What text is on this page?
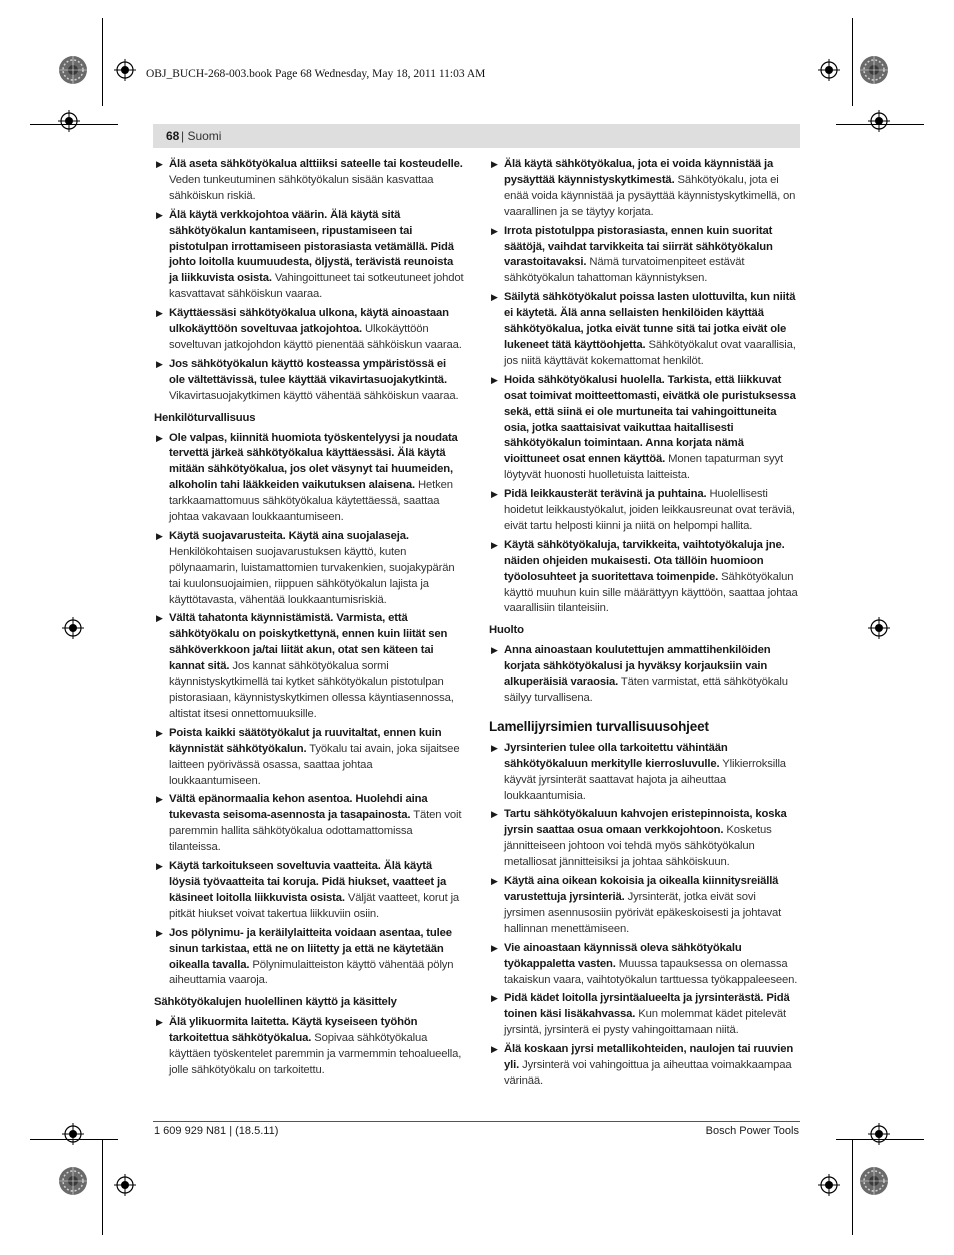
OBJ_BUCH-268-003.book Page 68 Wednesday, May 18, 2011 11:03 AM
68 | Suomi
▶ Älä aseta sähkötyökalua alttiiksi sateelle tai kosteudelle. Veden tunkeutuminen sähkötyökalun sisään kasvattaa sähköiskun riskiä.
▶ Älä käytä verkkojohtoa väärin. Älä käytä sitä sähkötyökalun kantamiseen, ripustamiseen tai pistotulpan irrottamiseen pistorasiasta vetämällä. Pidä johto loitolla kuumuudesta, öljystä, terävistä reunoista ja liikkuvista osista. Vahingoittuneet tai sotkeutuneet johdot kasvattavat sähköiskun vaaraa.
▶ Käyttäessäsi sähkötyökalua ulkona, käytä ainoastaan ulkokäyttöön soveltuvaa jatkojohtoa. Ulkokäyttöön soveltuvan jatkojohdon käyttö pienentää sähköiskun vaaraa.
▶ Jos sähkötyökalun käyttö kosteassa ympäristössä ei ole vältettävissä, tulee käyttää vikavirtasuojakytkintä. Vikavirtasuojakytkimen käyttö vähentää sähköiskun vaaraa.
Henkilöturvallisuus
▶ Ole valpas, kiinnitä huomiota työskentelyysi ja noudata tervettä järkeä sähkötyökalua käyttäessäsi. Älä käytä mitään sähkötyökalua, jos olet väsynyt tai huumeiden, alkoholin tahi lääkkeiden vaikutuksen alaisena. Hetken tarkkaamattomuus sähkötyökalua käytettäessä, saattaa johtaa vakavaan loukkaantumiseen.
▶ Käytä suojavarusteita. Käytä aina suojalaseja. Henkilökohtaisen suojavarustuksen käyttö, kuten pölynaamarin, luistamattomien turvakenkien, suojakypärän tai kuulonsuojaimien, riippuen sähkötyökalun lajista ja käyttötavasta, vähentää loukkaantumisriskiä.
▶ Vältä tahatonta käynnistämistä. Varmista, että sähkötyökalu on poiskytkettynä, ennen kuin liität sen sähköverkkoon ja/tai liität akun, otat sen käteen tai kannat sitä. Jos kannat sähkötyökalua sormi käynnistyskytkimellä tai kytket sähkötyökalun pistotulpan pistorasiaan, käynnistyskytkimen ollessa käyntiasennossa, altistat itsesi onnettomuuksille.
▶ Poista kaikki säätötyökalut ja ruuvitaltat, ennen kuin käynnistät sähkötyökalun. Työkalu tai avain, joka sijaitsee laitteen pyörivässä osassa, saattaa johtaa loukkaantumiseen.
▶ Vältä epänormaalia kehon asentoa. Huolehdi aina tukevasta seisoma-asennosta ja tasapainosta. Täten voit paremmin hallita sähkötyökalua odottamattomissa tilanteissa.
▶ Käytä tarkoitukseen soveltuvia vaatteita. Älä käytä löysiä työvaatteita tai koruja. Pidä hiukset, vaatteet ja käsineet loitolla liikkuvista osista. Väljät vaatteet, korut ja pitkät hiukset voivat takertua liikkuviin osiin.
▶ Jos pölynimu- ja keräilylaitteita voidaan asentaa, tulee sinun tarkistaa, että ne on liitetty ja että ne käytetään oikealla tavalla. Pölynimulaitteiston käyttö vähentää pölyn aiheuttamia vaaroja.
Sähkötyökalujen huolellinen käyttö ja käsittely
▶ Älä ylikuormita laitetta. Käytä kyseiseen työhön tarkoitettua sähkötyökalua. Sopivaa sähkötyökalua käyttäen työskentelet paremmin ja varmemmin tehoalueella, jolle sähkötyökalu on tarkoitettu.
▶ Älä käytä sähkötyökalua, jota ei voida käynnistää ja pysäyttää käynnistyskytkimestä. Sähkötyökalu, jota ei enää voida käynnistää ja pysäyttää käynnistyskytkimellä, on vaarallinen ja se täytyy korjata.
▶ Irrota pistotulppa pistorasiasta, ennen kuin suoritat säätöjä, vaihdat tarvikkeita tai siirrät sähkötyökalun varastoitavaksi. Nämä turvatoimenpiteet estävät sähkötyökalun tahattoman käynnistyksen.
▶ Säilytä sähkötyökalut poissa lasten ulottuvilta, kun niitä ei käytetä. Älä anna sellaisten henkilöiden käyttää sähkötyökalua, jotka eivät tunne sitä tai jotka eivät ole lukeneet tätä käyttöohjetta. Sähkötyökalut ovat vaarallisia, jos niitä käyttävät kokemattomat henkilöt.
▶ Hoida sähkötyökalusi huolella. Tarkista, että liikkuvat osat toimivat moitteettomasti, eivätkä ole puristuksessa sekä, että siinä ei ole murtuneita tai vahingoittuneita osia, jotka saattaisivat vaikuttaa haitallisesti sähkötyökalun toimintaan. Anna korjata nämä vioittuneet osat ennen käyttöä. Monen tapaturman syyt löytyvät huonosti huolletuista laitteista.
▶ Pidä leikkausterät terävinä ja puhtaina. Huolellisesti hoidetut leikkaustyökalut, joiden leikkausreunat ovat teräviä, eivät tartu helposti kiinni ja niitä on helpompi hallita.
▶ Käytä sähkötyökaluja, tarvikkeita, vaihtotyökaluja jne. näiden ohjeiden mukaisesti. Ota tällöin huomioon työolosuhteet ja suoritettava toimenpide. Sähkötyökalun käyttö muuhun kuin sille määrättyyn käyttöön, saattaa johtaa vaarallisiin tilanteisiin.
Huolto
▶ Anna ainoastaan koulutettujen ammattihenkilöiden korjata sähkötyökalusi ja hyväksy korjauksiin vain alkuperäisiä varaosia. Täten varmistat, että sähkötyökalu säilyy turvallisena.
Lamellijyrsimien turvallisuusohjeet
▶ Jyrsinterien tulee olla tarkoitettu vähintään sähkötyökaluun merkitylle kierrosluvulle. Ylikierroksilla käyvät jyrsinterät saattavat hajota ja aiheuttaa loukkaantumisia.
▶ Tartu sähkötyökaluun kahvojen eristepinnoista, koska jyrsin saattaa osua omaan verkkojohtoon. Kosketus jännitteiseen johtoon voi tehdä myös sähkötyökalun metalliosat jännitteisiksi ja johtaa sähköiskuun.
▶ Käytä aina oikean kokoisia ja oikealla kiinnitysreiällä varustettuja jyrsinteriä. Jyrsinterät, jotka eivät sovi jyrsimen asennusosiin pyörivät epäkeskoisesti ja johtavat hallinnan menettämiseen.
▶ Vie ainoastaan käynnissä oleva sähkötyökalu työkappaletta vasten. Muussa tapauksessa on olemassa takaiskun vaara, vaihtotyökalun tarttuessa työkappaleeseen.
▶ Pidä kädet loitolla jyrsintäalueelta ja jyrsinterästä. Pidä toinen käsi lisäkahvassa. Kun molemmat kädet pitelevät jyrsintä, jyrsinterä ei pysty vahingoittamaan niitä.
▶ Älä koskaan jyrsi metallikohteiden, naulojen tai ruuvien yli. Jyrsinterä voi vahingoittua ja aiheuttaa voimakkaampaa värinää.
1 609 929 N81 | (18.5.11)	Bosch Power Tools
